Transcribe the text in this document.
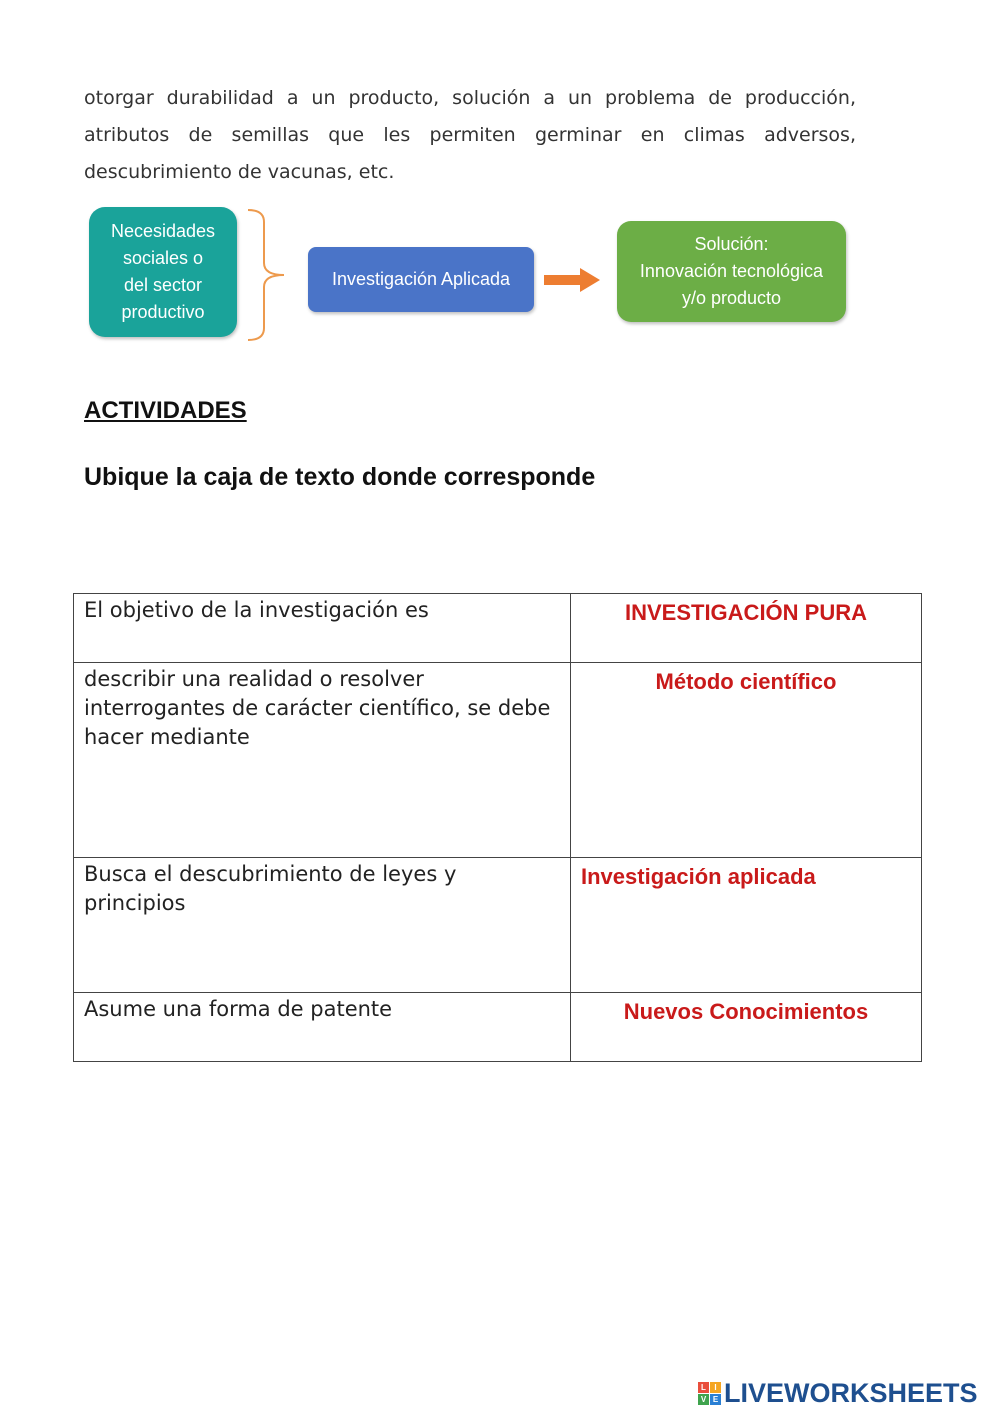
otorgar durabilidad a un producto, solución a un problema de producción, atributos de semillas que les permiten germinar en climas adversos, descubrimiento de vacunas, etc.

Necesidades
sociales o
del sector
productivo
Investigación Aplicada
Solución:
Innovación tecnológica
y/o producto
ACTIVIDADES
Ubique la caja de texto donde corresponde
El objetivo de la investigación es	INVESTIGACIÓN PURA
describir una realidad o resolver interrogantes de carácter científico, se debe hacer mediante	Método científico
Busca el descubrimiento de leyes y principios	Investigación aplicada
Asume una forma de patente	Nuevos Conocimientos
L	I
V E LIVEWORKSHEETS
